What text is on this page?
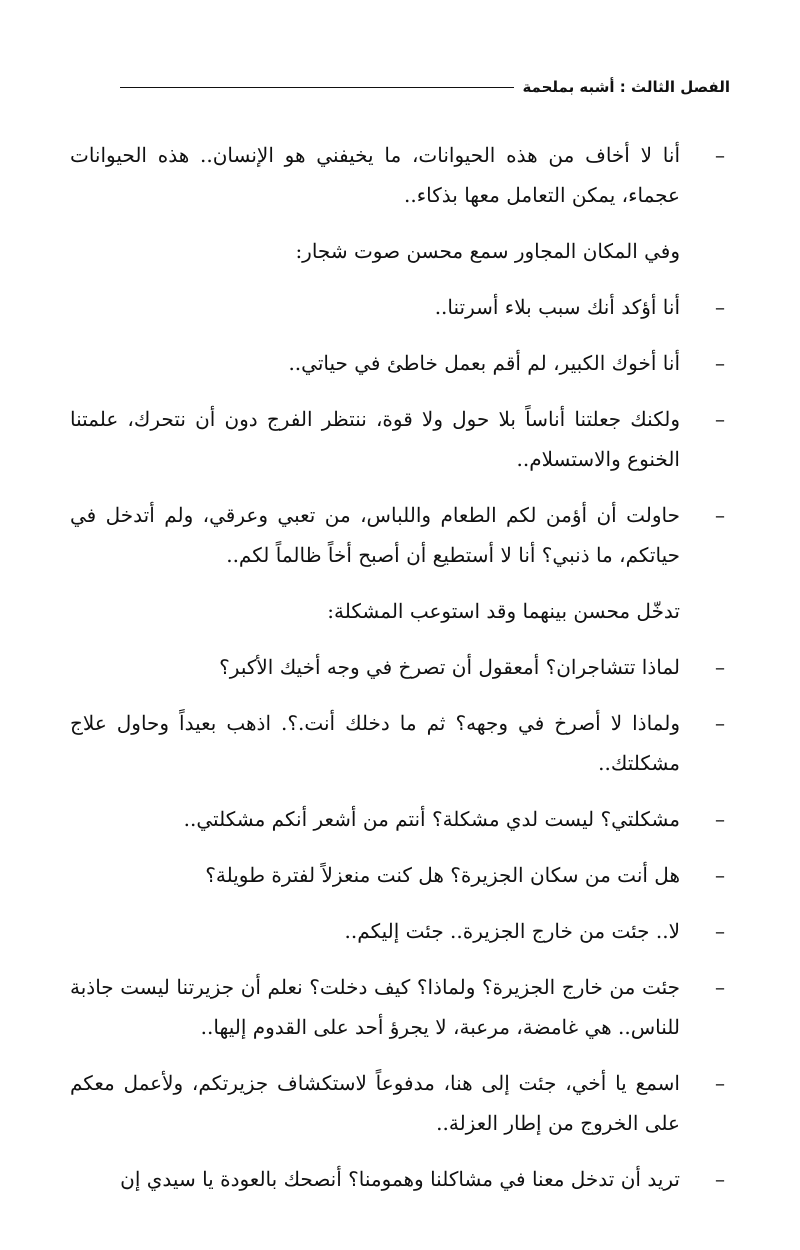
الفصل الثالث : أشبه بملحمة

–
أنا لا أخاف من هذه الحيوانات، ما يخيفني هو الإنسان.. هذه الحيوانات عجماء، يمكن التعامل معها بذكاء..

وفي المكان المجاور سمع محسن صوت شجار:

–
أنا أؤكد أنك سبب بلاء أسرتنا..

–
أنا أخوك الكبير، لم أقم بعمل خاطئ في حياتي..

–
ولكنك جعلتنا أناساً بلا حول ولا قوة، ننتظر الفرج دون أن نتحرك، علمتنا الخنوع والاستسلام..

–
حاولت أن أؤمن لكم الطعام واللباس، من تعبي وعرقي، ولم أتدخل في حياتكم، ما ذنبي؟ أنا لا أستطيع أن أصبح أخاً ظالماً لكم..

تدخّل محسن بينهما وقد استوعب المشكلة:

–
لماذا تتشاجران؟ أمعقول أن تصرخ في وجه أخيك الأكبر؟

–
ولماذا لا أصرخ في وجهه؟ ثم ما دخلك أنت.؟. اذهب بعيداً وحاول علاج مشكلتك..

–
مشكلتي؟ ليست لدي مشكلة؟ أنتم من أشعر أنكم مشكلتي..

–
هل أنت من سكان الجزيرة؟ هل كنت منعزلاً لفترة طويلة؟

–
لا.. جئت من خارج الجزيرة.. جئت إليكم..

–
جئت من خارج الجزيرة؟ ولماذا؟ كيف دخلت؟ نعلم أن جزيرتنا ليست جاذبة للناس.. هي غامضة، مرعبة، لا يجرؤ أحد على القدوم إليها..

–
اسمع يا أخي، جئت إلى هنا، مدفوعاً لاستكشاف جزيرتكم، ولأعمل معكم على الخروج من إطار العزلة..

–
تريد أن تدخل معنا في مشاكلنا وهمومنا؟ أنصحك بالعودة يا سيدي إن
